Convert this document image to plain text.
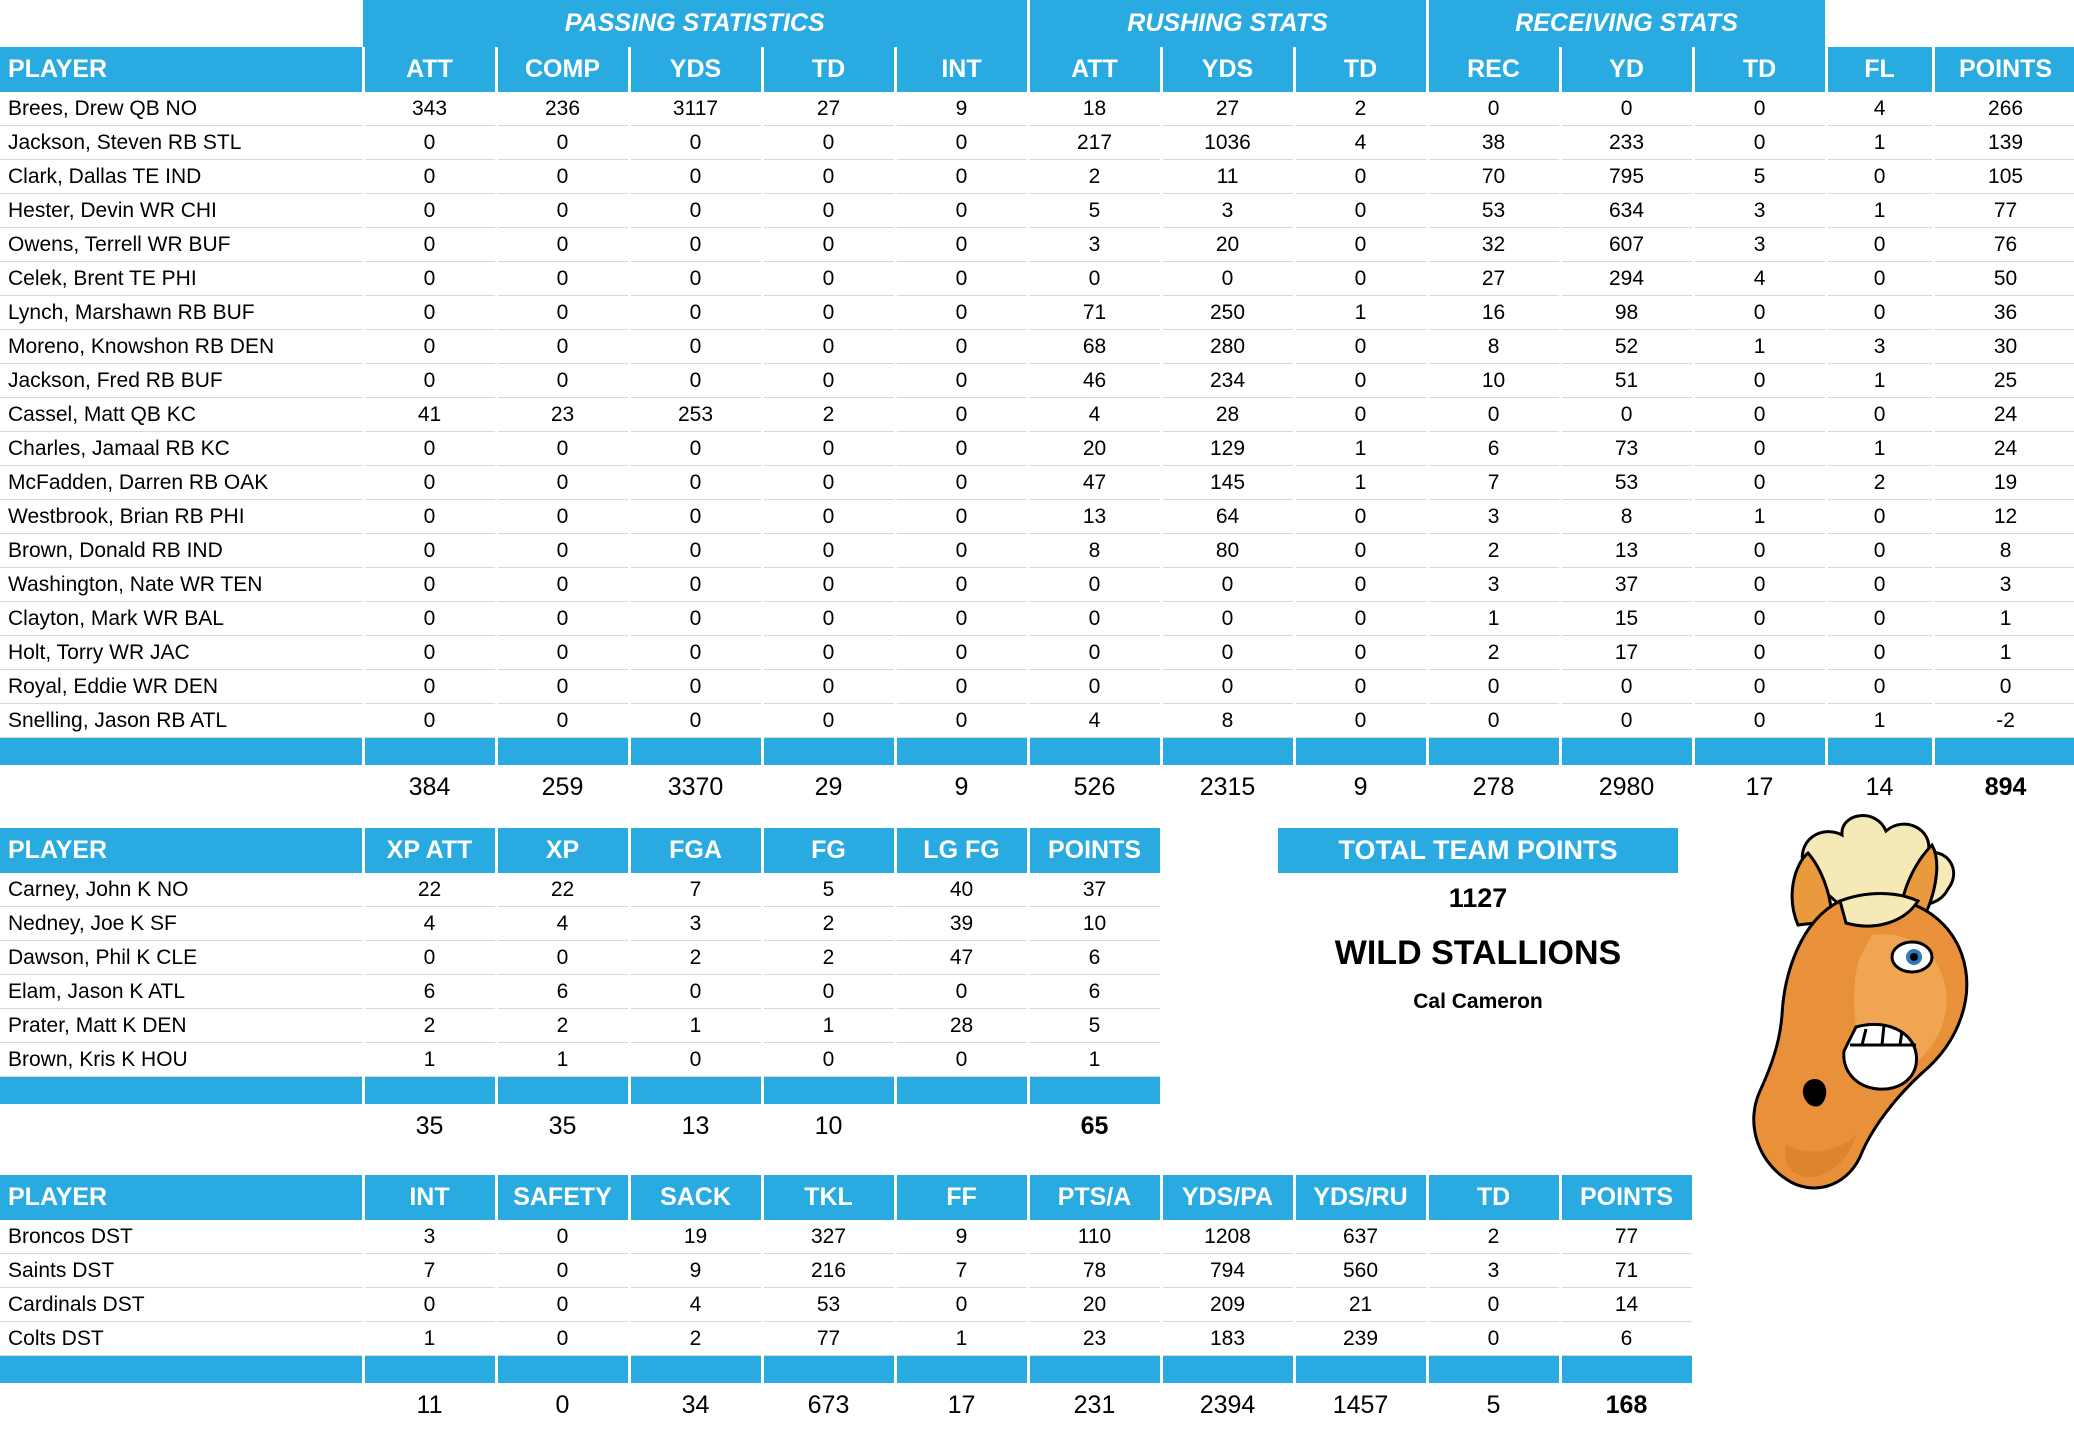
	PASSING STATISTICS					RUSHING STATS			RECEIVING STATS				
PLAYER	ATT	COMP	YDS	TD	INT	ATT	YDS	TD	REC	YD	TD	FL	POINTS
Brees, Drew QB NO	343	236	3117	27	9	18	27	2	0	0	0	4	266
Jackson, Steven RB STL	0	0	0	0	0	217	1036	4	38	233	0	1	139
Clark, Dallas TE IND	0	0	0	0	0	2	11	0	70	795	5	0	105
Hester, Devin WR CHI	0	0	0	0	0	5	3	0	53	634	3	1	77
Owens, Terrell WR BUF	0	0	0	0	0	3	20	0	32	607	3	0	76
Celek, Brent TE PHI	0	0	0	0	0	0	0	0	27	294	4	0	50
Lynch, Marshawn RB BUF	0	0	0	0	0	71	250	1	16	98	0	0	36
Moreno, Knowshon RB DEN	0	0	0	0	0	68	280	0	8	52	1	3	30
Jackson, Fred RB BUF	0	0	0	0	0	46	234	0	10	51	0	1	25
Cassel, Matt QB KC	41	23	253	2	0	4	28	0	0	0	0	0	24
Charles, Jamaal RB KC	0	0	0	0	0	20	129	1	6	73	0	1	24
McFadden, Darren RB OAK	0	0	0	0	0	47	145	1	7	53	0	2	19
Westbrook, Brian RB PHI	0	0	0	0	0	13	64	0	3	8	1	0	12
Brown, Donald RB IND	0	0	0	0	0	8	80	0	2	13	0	0	8
Washington, Nate WR TEN	0	0	0	0	0	0	0	0	3	37	0	0	3
Clayton, Mark WR BAL	0	0	0	0	0	0	0	0	1	15	0	0	1
Holt, Torry WR JAC	0	0	0	0	0	0	0	0	2	17	0	0	1
Royal, Eddie WR DEN	0	0	0	0	0	0	0	0	0	0	0	0	0
Snelling, Jason RB ATL	0	0	0	0	0	4	8	0	0	0	0	1	-2

	384	259	3370	29	9	526	2315	9	278	2980	17	14	894
PLAYER	XP ATT	XP	FGA	FG	LG FG	POINTS
Carney, John K NO	22	22	7	5	40	37
Nedney, Joe K SF	4	4	3	2	39	10
Dawson, Phil K CLE	0	0	2	2	47	6
Elam, Jason K ATL	6	6	0	0	0	6
Prater, Matt K DEN	2	2	1	1	28	5
Brown, Kris K HOU	1	1	0	0	0	1

	35	35	13	10		65
PLAYER	INT	SAFETY	SACK	TKL	FF	PTS/A	YDS/PA	YDS/RU	TD	POINTS
Broncos DST	3	0	19	327	9	110	1208	637	2	77
Saints DST	7	0	9	216	7	78	794	560	3	71
Cardinals DST	0	0	4	53	0	20	209	21	0	14
Colts DST	1	0	2	77	1	23	183	239	0	6

	11	0	34	673	17	231	2394	1457	5	168
TOTAL TEAM POINTS
1127
WILD STALLIONS
Cal Cameron
